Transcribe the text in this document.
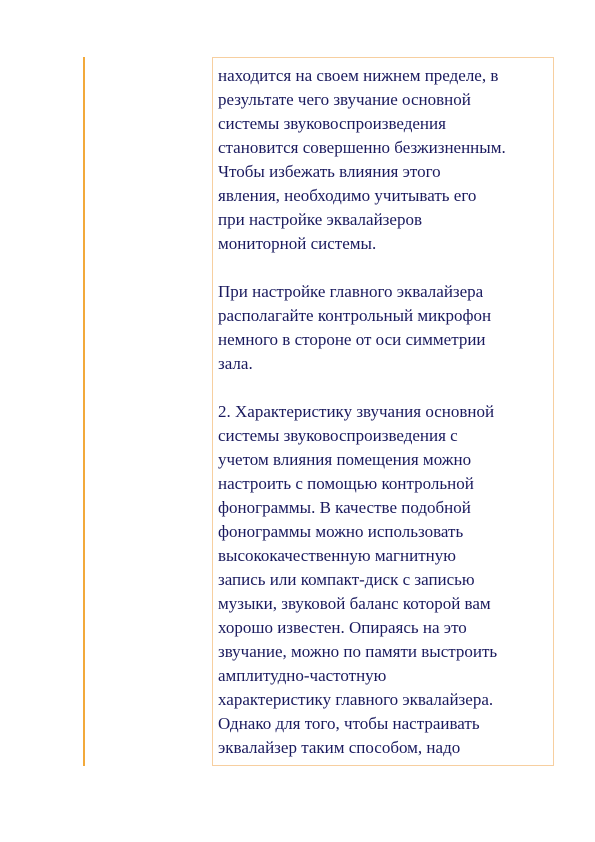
находится на своем нижнем пределе, в
результате чего звучание основной
системы звуковоспроизведения
становится совершенно безжизненным.
Чтобы избежать влияния этого
явления, необходимо учитывать его
при настройке эквалайзеров
мониторной системы.

При настройке главного эквалайзера
располагайте контрольный микрофон
немного в стороне от оси симметрии
зала.

2. Характеристику звучания основной
системы звуковоспроизведения с
учетом влияния помещения можно
настроить с помощью контрольной
фонограммы. В качестве подобной
фонограммы можно использовать
высококачественную магнитную
запись или компакт-диск с записью
музыки, звуковой баланс которой вам
хорошо известен. Опираясь на это
звучание, можно по памяти выстроить
амплитудно-частотную
характеристику главного эквалайзера.
Однако для того, чтобы настраивать
эквалайзер таким способом, надо
